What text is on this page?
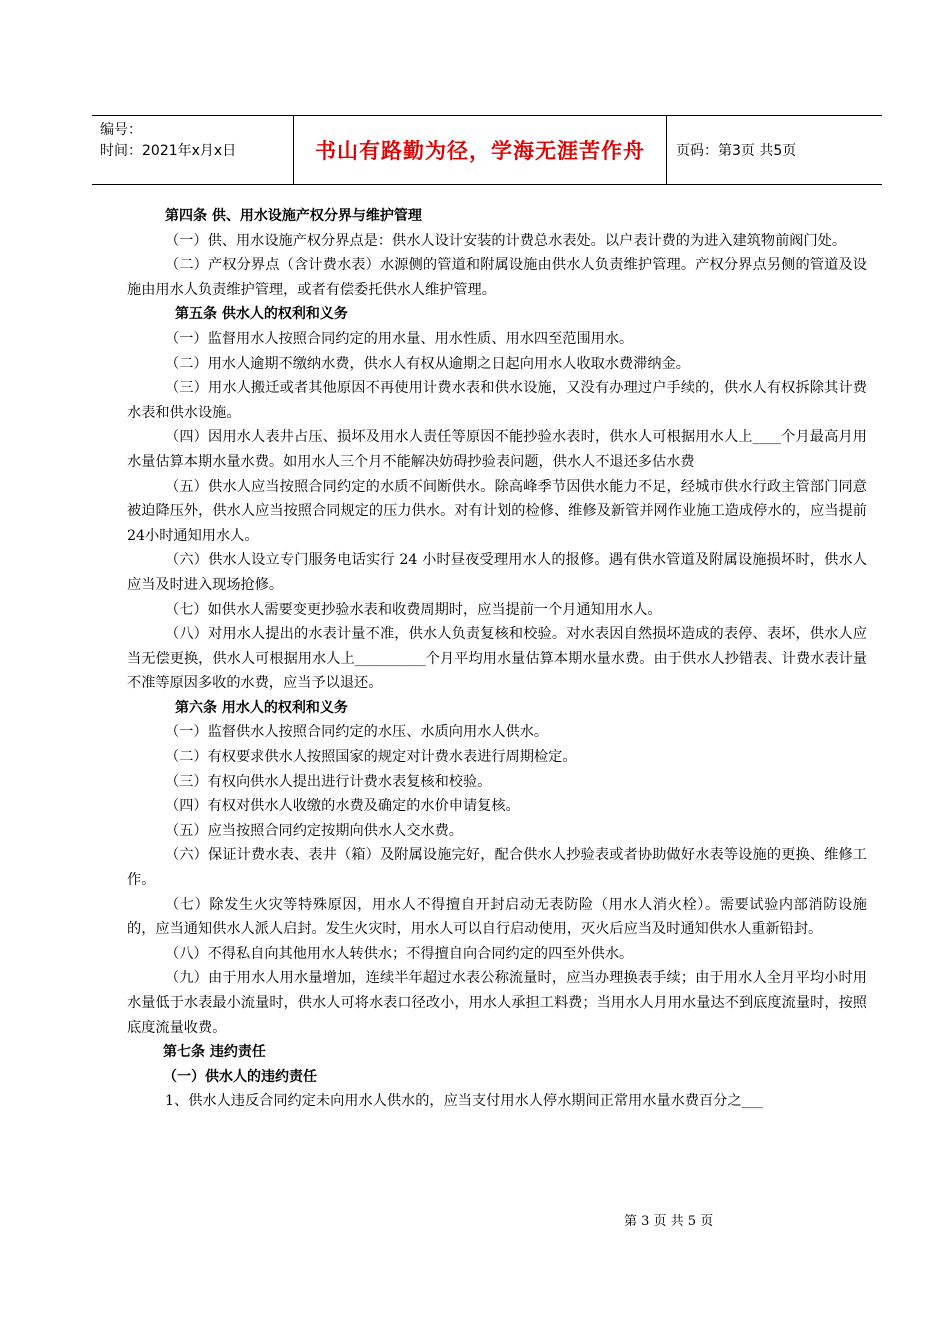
编号：
时间：2021年x月x日	书山有路勤为径，学海无涯苦作舟	页码：第3页 共5页

第四条 供、用水设施产权分界与维护管理

（一）供、用水设施产权分界点是：供水人设计安装的计费总水表处。以户表计费的为进入建筑物前阀门处。

（二）产权分界点（含计费水表）水源侧的管道和附属设施由供水人负责维护管理。产权分界点另侧的管道及设施由用水人负责维护管理，或者有偿委托供水人维护管理。

第五条 供水人的权利和义务

（一）监督用水人按照合同约定的用水量、用水性质、用水四至范围用水。

（二）用水人逾期不缴纳水费，供水人有权从逾期之日起向用水人收取水费滞纳金。

（三）用水人搬迁或者其他原因不再使用计费水表和供水设施，又没有办理过户手续的，供水人有权拆除其计费水表和供水设施。

（四）因用水人表井占压、损坏及用水人责任等原因不能抄验水表时，供水人可根据用水人上____个月最高月用水量估算本期水量水费。如用水人三个月不能解决妨碍抄验表问题，供水人不退还多估水费

（五）供水人应当按照合同约定的水质不间断供水。除高峰季节因供水能力不足，经城市供水行政主管部门同意被迫降压外，供水人应当按照合同规定的压力供水。对有计划的检修、维修及新管并网作业施工造成停水的，应当提前24小时通知用水人。

（六）供水人设立专门服务电话实行 24 小时昼夜受理用水人的报修。遇有供水管道及附属设施损坏时，供水人应当及时进入现场抢修。

（七）如供水人需要变更抄验水表和收费周期时，应当提前一个月通知用水人。

（八）对用水人提出的水表计量不准，供水人负责复核和校验。对水表因自然损坏造成的表停、表坏，供水人应当无偿更换，供水人可根据用水人上__________个月平均用水量估算本期水量水费。由于供水人抄错表、计费水表计量不准等原因多收的水费，应当予以退还。

第六条 用水人的权利和义务

（一）监督供水人按照合同约定的水压、水质向用水人供水。

（二）有权要求供水人按照国家的规定对计费水表进行周期检定。

（三）有权向供水人提出进行计费水表复核和校验。

（四）有权对供水人收缴的水费及确定的水价申请复核。

（五）应当按照合同约定按期向供水人交水费。

（六）保证计费水表、表井（箱）及附属设施完好，配合供水人抄验表或者协助做好水表等设施的更换、维修工作。

（七）除发生火灾等特殊原因，用水人不得擅自开封启动无表防险（用水人消火栓）。需要试验内部消防设施的，应当通知供水人派人启封。发生火灾时，用水人可以自行启动使用，灭火后应当及时通知供水人重新铅封。

（八）不得私自向其他用水人转供水；不得擅自向合同约定的四至外供水。

（九）由于用水人用水量增加，连续半年超过水表公称流量时，应当办理换表手续；由于用水人全月平均小时用水量低于水表最小流量时，供水人可将水表口径改小，用水人承担工料费；当用水人月用水量达不到底度流量时，按照底度流量收费。

第七条 违约责任

（一）供水人的违约责任

1、供水人违反合同约定未向用水人供水的，应当支付用水人停水期间正常用水量水费百分之___

第 3 页 共 5 页
